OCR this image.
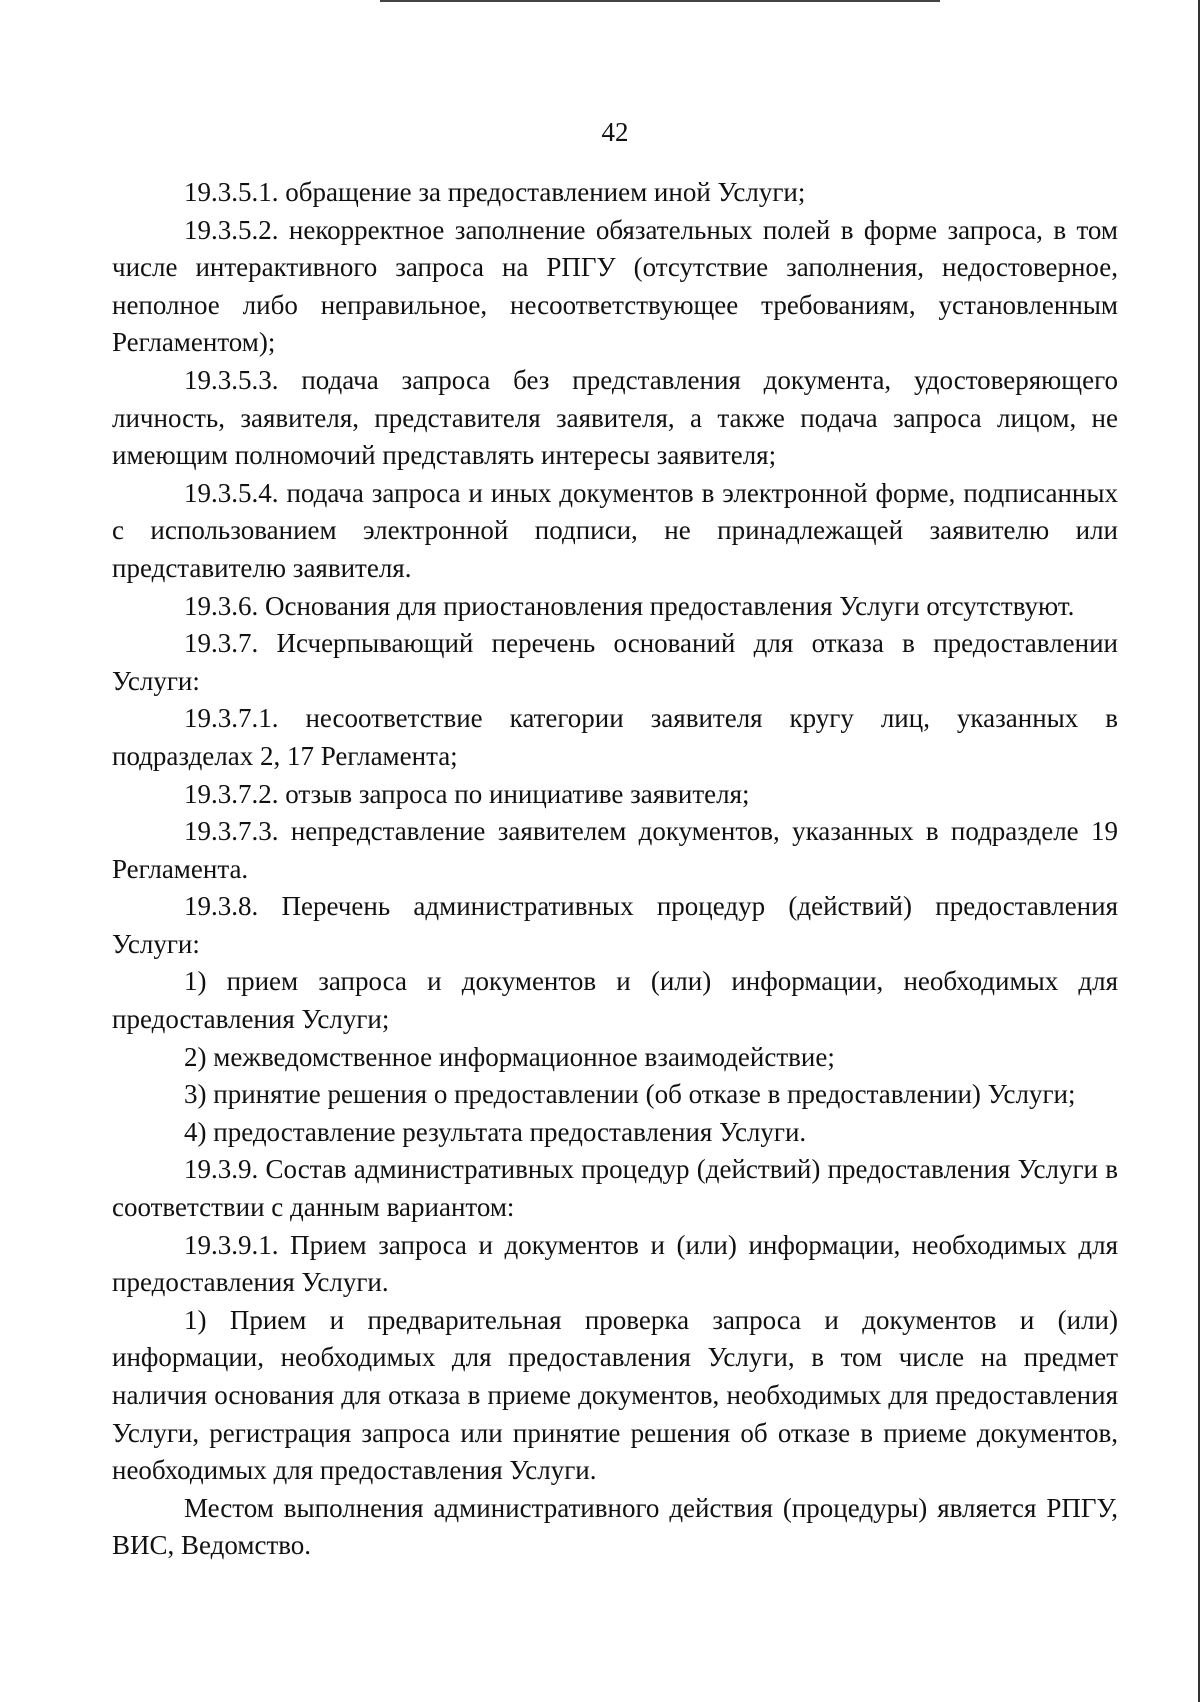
42

19.3.5.1. обращение за предоставлением иной Услуги;

19.3.5.2. некорректное заполнение обязательных полей в форме запроса, в том числе интерактивного запроса на РПГУ (отсутствие заполнения, недостоверное, неполное либо неправильное, несоответствующее требованиям, установленным Регламентом);

19.3.5.3. подача запроса без представления документа, удостоверяющего личность, заявителя, представителя заявителя, а также подача запроса лицом, не имеющим полномочий представлять интересы заявителя;

19.3.5.4. подача запроса и иных документов в электронной форме, подписанных с использованием электронной подписи, не принадлежащей заявителю или представителю заявителя.

19.3.6. Основания для приостановления предоставления Услуги отсутствуют.

19.3.7. Исчерпывающий перечень оснований для отказа в предоставлении Услуги:

19.3.7.1. несоответствие категории заявителя кругу лиц, указанных в подразделах 2, 17 Регламента;

19.3.7.2. отзыв запроса по инициативе заявителя;

19.3.7.3. непредставление заявителем документов, указанных в подразделе 19 Регламента.

19.3.8. Перечень административных процедур (действий) предоставления Услуги:

1) прием запроса и документов и (или) информации, необходимых для предоставления Услуги;

2) межведомственное информационное взаимодействие;

3) принятие решения о предоставлении (об отказе в предоставлении) Услуги;

4) предоставление результата предоставления Услуги.

19.3.9. Состав административных процедур (действий) предоставления Услуги в соответствии с данным вариантом:

19.3.9.1. Прием запроса и документов и (или) информации, необходимых для предоставления Услуги.

1) Прием и предварительная проверка запроса и документов и (или) информации, необходимых для предоставления Услуги, в том числе на предмет наличия основания для отказа в приеме документов, необходимых для предоставления Услуги, регистрация запроса или принятие решения об отказе в приеме документов, необходимых для предоставления Услуги.

Местом выполнения административного действия (процедуры) является РПГУ, ВИС, Ведомство.
